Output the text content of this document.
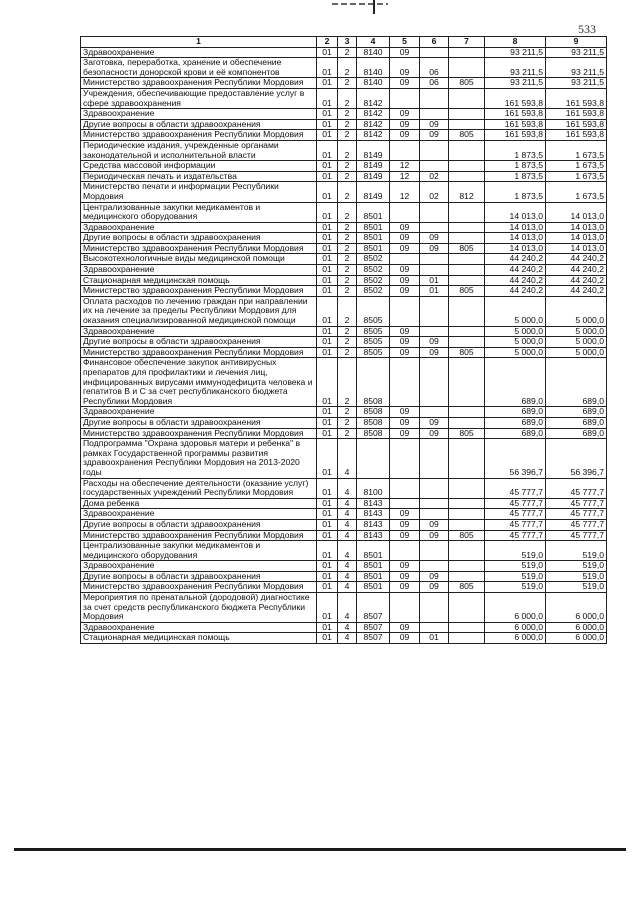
533
1	2	3	4	5	6	7	8	9
Здравоохранение	01	2	8140	09			93 211,5	93 211,5
Заготовка, переработка, хранение и обеспечение безопасности донорской крови и её компонентов	01	2	8140	09	06		93 211,5	93 211,5
Министерство здравоохранения Республики Мордовия	01	2	8140	09	06	805	93 211,5	93 211,5
Учреждения, обеспечивающие предоставление услуг в сфере здравоохранения	01	2	8142				161 593,8	161 593,8
Здравоохранение	01	2	8142	09			161 593,8	161 593,8
Другие вопросы в области здравоохранения	01	2	8142	09	09		161 593,8	161 593,8
Министерство здравоохранения Республики Мордовия	01	2	8142	09	09	805	161 593,8	161 593,8
Периодические издания, учрежденные органами законодательной и исполнительной власти	01	2	8149				1 873,5	1 673,5
Средства массовой информации	01	2	8149	12			1 873,5	1 673,5
Периодическая печать и издательства	01	2	8149	12	02		1 873,5	1 673,5
Министерство печати и информации Республики Мордовия	01	2	8149	12	02	812	1 873,5	1 673,5
Централизованные закупки медикаментов и медицинского оборудования	01	2	8501				14 013,0	14 013,0
Здравоохранение	01	2	8501	09			14 013,0	14 013,0
Другие вопросы в области здравоохранения	01	2	8501	09	09		14 013,0	14 013,0
Министерство здравоохранения Республики Мордовия	01	2	8501	09	09	805	14 013,0	14 013,0
Высокотехнологичные виды медицинской помощи	01	2	8502				44 240,2	44 240,2
Здравоохранение	01	2	8502	09			44 240,2	44 240,2
Стационарная медицинская помощь	01	2	8502	09	01		44 240,2	44 240,2
Министерство здравоохранения Республики Мордовия	01	2	8502	09	01	805	44 240,2	44 240,2
Оплата расходов по лечению граждан при направлении их на лечение за пределы Республики Мордовия для оказания специализированной медицинской помощи	01	2	8505				5 000,0	5 000,0
Здравоохранение	01	2	8505	09			5 000,0	5 000,0
Другие вопросы в области здравоохранения	01	2	8505	09	09		5 000,0	5 000,0
Министерство здравоохранения Республики Мордовия	01	2	8505	09	09	805	5 000,0	5 000,0
Финансовое обеспечение закупок антивирусных препаратов для профилактики и лечения лиц, инфицированных вирусами иммунодефицита человека и гепатитов В и С за счет республиканского бюджета Республики Мордовия	01	2	8508				689,0	689,0
Здравоохранение	01	2	8508	09			689,0	689,0
Другие вопросы в области здравоохранения	01	2	8508	09	09		689,0	689,0
Министерство здравоохранения Республики Мордовия	01	2	8508	09	09	805	689,0	689,0
Подпрограмма "Охрана здоровья матери и ребенка" в рамках Государственной программы развития здравоохранения Республики Мордовия на 2013-2020 годы	01	4					56 396,7	56 396,7
Расходы на обеспечение деятельности (оказание услуг) государственных учреждений Республики Мордовия	01	4	8100				45 777,7	45 777,7
Дома ребенка	01	4	8143				45 777,7	45 777,7
Здравоохранение	01	4	8143	09			45 777,7	45 777,7
Другие вопросы в области здравоохранения	01	4	8143	09	09		45 777,7	45 777,7
Министерство здравоохранения Республики Мордовия	01	4	8143	09	09	805	45 777,7	45 777,7
Централизованные закупки медикаментов и медицинского оборудования	01	4	8501				519,0	519,0
Здравоохранение	01	4	8501	09			519,0	519,0
Другие вопросы в области здравоохранения	01	4	8501	09	09		519,0	519,0
Министерство здравоохранения Республики Мордовия	01	4	8501	09	09	805	519,0	519,0
Мероприятия по пренатальной (дородовой) диагностике за счет средств республиканского бюджета Республики Мордовия	01	4	8507				6 000,0	6 000,0
Здравоохранение	01	4	8507	09			6 000,0	6 000,0
Стационарная медицинская помощь	01	4	8507	09	01		6 000,0	6 000,0
